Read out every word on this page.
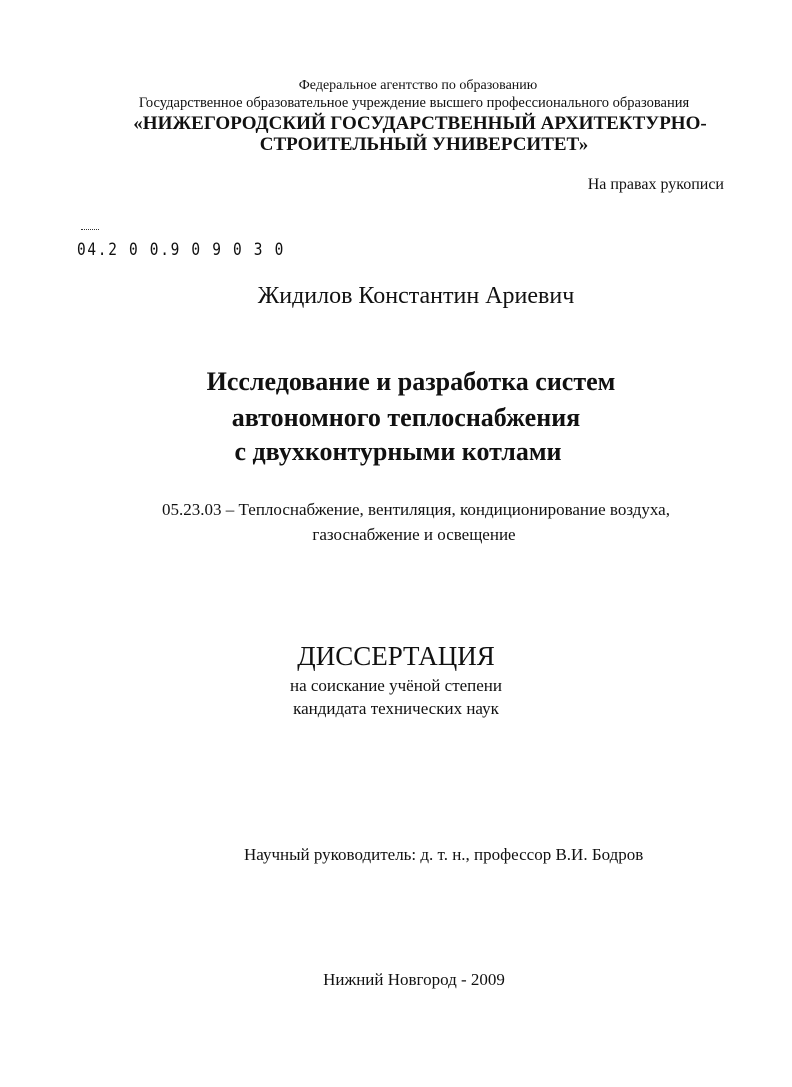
Федеральное агентство по образованию
Государственное образовательное учреждение высшего профессионального образования
«НИЖЕГОРОДСКИЙ ГОСУДАРСТВЕННЫЙ АРХИТЕКТУРНО-
СТРОИТЕЛЬНЫЙ УНИВЕРСИТЕТ»
На правах рукописи
04.2 0 0.9 0 9 0 3 0
Жидилов Константин Ариевич
Исследование и разработка систем
автономного теплоснабжения
с двухконтурными котлами
05.23.03 – Теплоснабжение, вентиляция, кондиционирование воздуха,
газоснабжение и освещение
ДИССЕРТАЦИЯ
на соискание учёной степени
кандидата технических наук
Научный руководитель: д. т. н., профессор В.И. Бодров
Нижний Новгород - 2009
